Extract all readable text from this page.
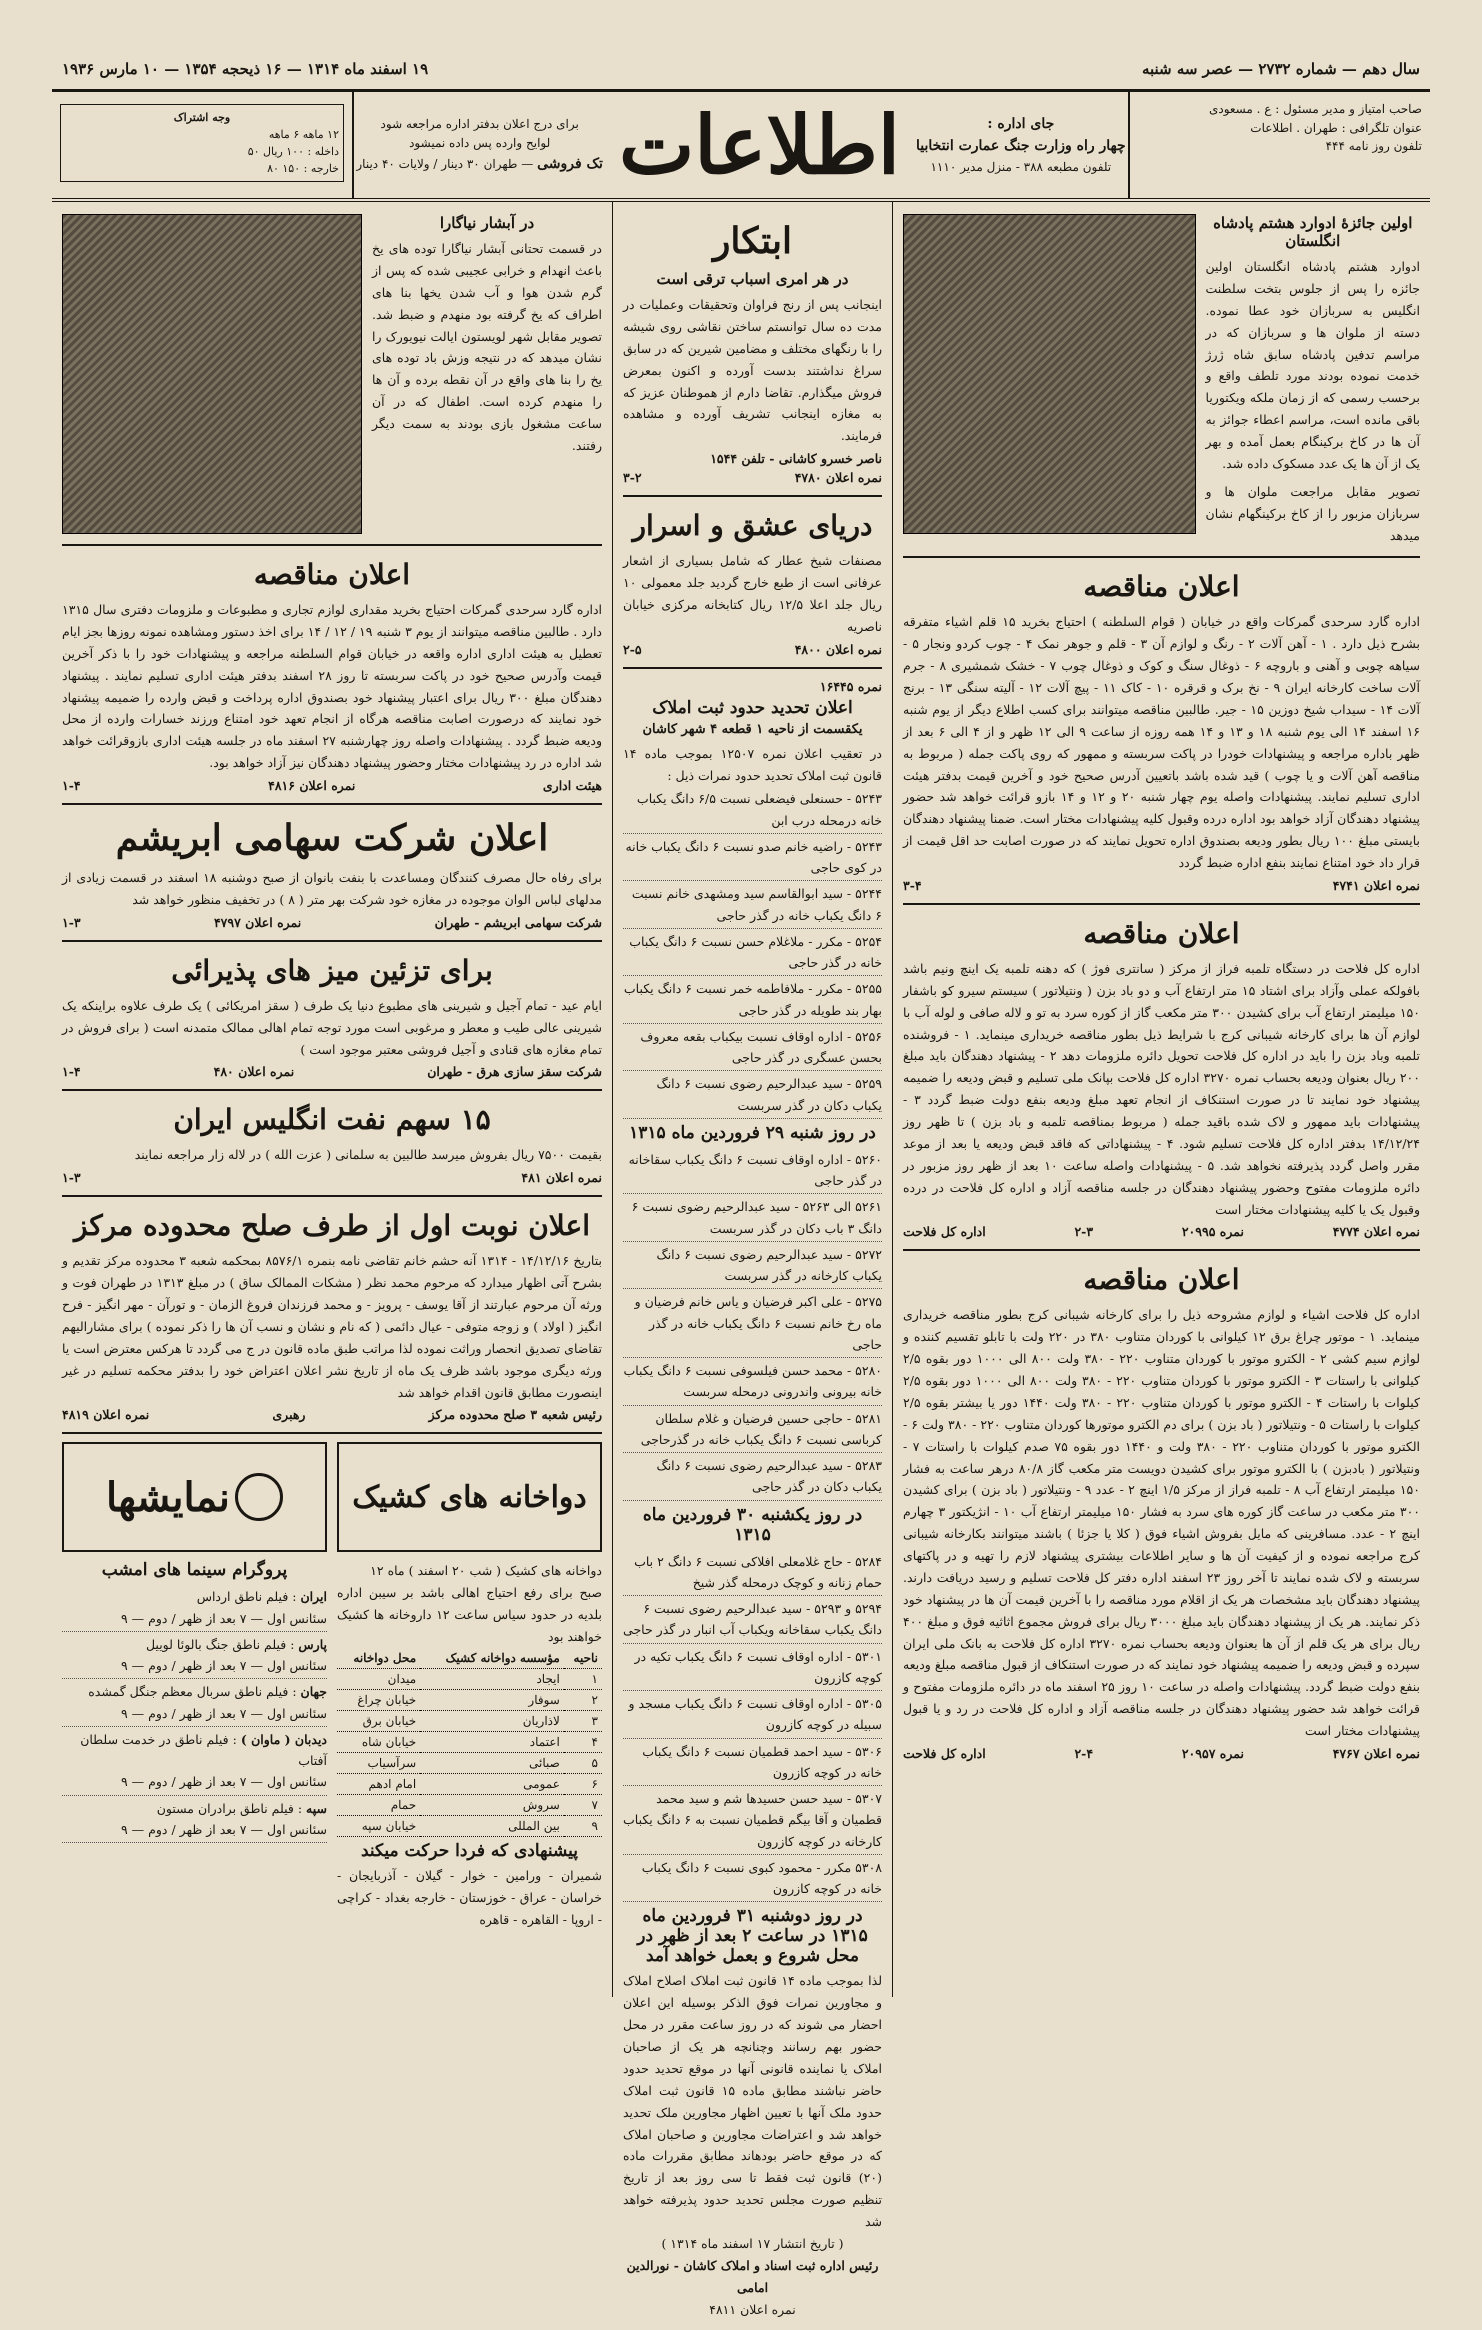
سال دهم — شماره ۲۷۳۲ — عصر سه شنبه
۱۹ اسفند ماه ۱۳۱۴ — ۱۶ ذیحجه ۱۳۵۴ — ۱۰ مارس ۱۹۳۶
صاحب امتیاز و مدیر مسئول : ع . مسعودی
عنوان تلگرافی : طهران . اطلاعات
تلفون روز نامه ۴۴۴
جای اداره :
چهار راه وزارت جنگ عمارت انتخابیا
تلفون مطبعه ۳۸۸ - منزل مدیر ۱۱۱۰
اطلاعات
برای درج اعلان بدفتر اداره مراجعه شود
لوایح وارده پس داده نمیشود
تک فروشی — طهران ۳۰ دینار / ولایات ۴۰ دینار
وجه اشتراک
۱۲ ماهه ۶ ماهه
داخله : ۱۰۰ ریال ۵۰
خارجه : ۱۵۰ ۸۰
اولین جائزهٔ ادوارد هشتم پادشاه انگلستان
ادوارد هشتم پادشاه انگلستان اولین جائزه را پس از جلوس بتخت سلطنت انگلیس به سربازان خود عطا نموده. دسته از ملوان ها و سربازان که در مراسم تدفین پادشاه سابق شاه ژرژ خدمت نموده بودند مورد تلطف واقع و برحسب رسمی که از زمان ملکه ویکتوریا باقی مانده است، مراسم اعطاء جوائز به آن ها در کاخ برکینگام بعمل آمده و بهر یک از آن ها یک عدد مسکوک داده شد.
تصویر مقابل مراجعت ملوان ها و سربازان مزبور را از کاخ برکینگهام نشان میدهد
اعلان مناقصه
اداره گارد سرحدی گمرکات واقع در خیابان ( قوام السلطنه ) احتیاج بخرید ۱۵ قلم اشیاء متفرقه بشرح ذیل دارد . ۱ - آهن آلات ۲ - رنگ و لوازم آن ۳ - قلم و جوهر نمک ۴ - چوب کردو ونجار ۵ - سیاهه چوبی و آهنی و باروچه ۶ - ذوغال سنگ و کوک و ذوغال چوب ۷ - خشک شمشیری ۸ - جرم آلات ساخت کارخانه ایران ۹ - نخ برک و قرقره ۱۰ - کاک ۱۱ - پیچ آلات ۱۲ - آلیته سنگی ۱۳ - برنج آلات ۱۴ - سیداب شیخ دوزین ۱۵ - جیر. طالبین مناقصه میتوانند برای کسب اطلاع دیگر از یوم شنبه ۱۶ اسفند ۱۴ الی یوم شنبه ۱۸ و ۱۳ و ۱۴ همه روزه از ساعت ۹ الی ۱۲ ظهر و از ۴ الی ۶ بعد از ظهر باداره مراجعه و پیشنهادات خودرا در پاکت سربسته و ممهور که روی پاکت جمله ( مربوط به مناقصه آهن آلات و یا چوب ) قید شده باشد باتعیین آدرس صحیح خود و آخرین قیمت بدفتر هیئت اداری تسلیم نمایند. پیشنهادات واصله یوم چهار شنبه ۲۰ و ۱۲ و ۱۴ بازو قرائت خواهد شد حضور پیشنهاد دهندگان آزاد خواهد بود اداره درده وقبول کلیه پیشنهادات مختار است. ضمنا پیشنهاد دهندگان بایستی مبلغ ۱۰۰ ریال بطور ودیعه بصندوق اداره تحویل نمایند که در صورت اصابت حد اقل قیمت از قرار داد خود امتناع نمایند بنفع اداره ضبط گردد
نمره اعلان ۴۷۴۱
۳-۴
اعلان مناقصه
اداره کل فلاحت در دستگاه تلمبه فراز از مرکز ( سانتری فوژ ) که دهنه تلمبه یک اینچ ونیم باشد بافولکه عملی وآزاد برای اشتاد ۱۵ متر ارتفاع آب و دو باد بزن ( ونتیلاتور ) سیستم سیرو کو باشفار ۱۵۰ میلیمتر ارتفاع آب برای کشیدن ۳۰۰ متر مکعب گاز از کوره سرد به تو و لاله صافی و لوله آب با لوازم آن ها برای کارخانه شیبانی کرج با شرایط ذیل بطور مناقصه خریداری مینماید. ۱ - فروشنده تلمبه وباد بزن را باید در اداره کل فلاحت تحویل دائره ملزومات دهد ۲ - پیشنهاد دهندگان باید مبلغ ۲۰۰ ریال بعنوان ودیعه بحساب نمره ۳۲۷۰ اداره کل فلاحت بپانک ملی تسلیم و قبض ودیعه را ضمیمه پیشنهاد خود نمایند تا در صورت استنکاف از انجام تعهد مبلغ ودیعه بنفع دولت ضبط گردد ۳ - پیشنهادات باید ممهور و لاک شده باقید جمله ( مربوط بمناقصه تلمبه و باد بزن ) تا ظهر روز ۱۴/۱۲/۲۴ بدفتر اداره کل فلاحت تسلیم شود. ۴ - پیشنهاداتی که فاقد قبض ودیعه یا بعد از موعد مقرر واصل گردد پذیرفته نخواهد شد. ۵ - پیشنهادات واصله ساعت ۱۰ بعد از ظهر روز مزبور در دائره ملزومات مفتوح وحضور پیشنهاد دهندگان در جلسه مناقصه آزاد و اداره کل فلاحت در درده وقبول یک یا کلیه پیشنهادات مختار است
نمره اعلان ۴۷۷۴
نمره ۲۰۹۹۵
۲-۳
اداره کل فلاحت
اعلان مناقصه
اداره کل فلاحت اشیاء و لوازم مشروحه ذیل را برای کارخانه شیبانی کرج بطور مناقصه خریداری مینماید. ۱ - موتور چراغ برق ۱۲ کیلوانی با کوردان متناوب ۳۸۰ در ۲۲۰ ولت با تابلو تقسیم کننده و لوازم سیم کشی ۲ - الکترو موتور با کوردان متناوب ۲۲۰ - ۳۸۰ ولت ۸۰۰ الی ۱۰۰۰ دور بقوه ۲/۵ کیلوانی با راستات ۳ - الکترو موتور با کوردان متناوب ۲۲۰ - ۳۸۰ ولت ۸۰۰ الی ۱۰۰۰ دور بقوه ۲/۵ کیلوات با راستات ۴ - الکترو موتور با کوردان متناوب ۲۲۰ - ۳۸۰ ولت ۱۴۴۰ دور یا بیشتر بقوه ۲/۵ کیلوات با راستات ۵ - ونتیلاتور ( باد بزن ) برای دم الکترو موتورها کوردان متناوب ۲۲۰ - ۳۸۰ ولت ۶ - الکترو موتور با کوردان متناوب ۲۲۰ - ۳۸۰ ولت و ۱۴۴۰ دور بقوه ۷۵ صدم کیلوات با راستات ۷ - ونتیلاتور ( بادبزن ) با الکترو موتور برای کشیدن دویست متر مکعب گاز ۸۰/۸ درهر ساعت به فشار ۱۵۰ میلیمتر ارتفاع آب ۸ - تلمبه فراز از مرکز ۱/۵ اینچ ۲ - عدد ۹ - ونتیلاتور ( باد بزن ) برای کشیدن ۳۰۰ متر مکعب در ساعت گاز کوره های سرد به فشار ۱۵۰ میلیمتر ارتفاع آب ۱۰ - انژیکتور ۳ چهارم اینچ ۲ - عدد. مسافرینی که مایل بفروش اشیاء فوق ( کلا یا جزئا ) باشند میتوانند بکارخانه شیبانی کرج مراجعه نموده و از کیفیت آن ها و سایر اطلاعات بیشتری پیشنهاد لازم را تهیه و در پاکتهای سربسته و لاک شده نمایند تا آخر روز ۲۳ اسفند اداره دفتر کل فلاحت تسلیم و رسید دریافت دارند. پیشنهاد دهندگان باید مشخصات هر یک از اقلام مورد مناقصه را با آخرین قیمت آن ها در پیشنهاد خود ذکر نمایند. هر یک از پیشنهاد دهندگان باید مبلغ ۳۰۰۰ ریال برای فروش مجموع اثاثیه فوق و مبلغ ۴۰۰ ریال برای هر یک قلم از آن ها بعنوان ودیعه بحساب نمره ۳۲۷۰ اداره کل فلاحت به بانک ملی ایران سپرده و قبض ودیعه را ضمیمه پیشنهاد خود نمایند که در صورت استنکاف از قبول مناقصه مبلغ ودیعه بنفع دولت ضبط گردد. پیشنهادات واصله در ساعت ۱۰ روز ۲۵ اسفند ماه در دائره ملزومات مفتوح و قرائت خواهد شد حضور پیشنهاد دهندگان در جلسه مناقصه آزاد و اداره کل فلاحت در رد و یا قبول پیشنهادات مختار است
نمره اعلان ۴۷۶۷
نمره ۲۰۹۵۷
۲-۴
اداره کل فلاحت
ابتکار
در هر امری اسباب ترقی است
اینجانب پس از رنج فراوان وتحقیقات وعملیات در مدت ده سال توانستم ساختن نقاشی روی شیشه را با رنگهای مختلف و مضامین شیرین که در سابق سراغ نداشتند بدست آورده و اکنون بمعرض فروش میگذارم. تقاضا دارم از هموطنان عزیز که به مغازه اینجانب تشریف آورده و مشاهده فرمایند.
ناصر خسرو کاشانی - تلفن ۱۵۴۴
نمره اعلان ۴۷۸۰
۳-۲
دریای عشق و اسرار
مصنفات شیخ عطار که شامل بسیاری از اشعار عرفانی است از طبع خارج گردید جلد معمولی ۱۰ ریال جلد اعلا ۱۲/۵ ریال کتابخانه مرکزی خیابان ناصریه
نمره اعلان ۴۸۰۰
۲-۵
نمره ۱۶۴۴۵
اعلان تحدید حدود ثبت املاک
یکقسمت از ناحیه ۱ قطعه ۴ شهر کاشان
در تعقیب اعلان نمره ۱۲۵۰۷ بموجب ماده ۱۴ قانون ثبت املاک تحدید حدود نمرات ذیل :
۵۲۴۳ - حسنعلی فیضعلی نسبت ۶/۵ دانگ یکباب خانه درمحله درب ابن
۵۲۴۳ - راضیه خانم صدو نسبت ۶ دانگ یکباب خانه در کوی حاجی
۵۲۴۴ - سید ابوالقاسم سید ومشهدی خانم نسبت ۶ دانگ یکباب خانه در گذر حاجی
۵۲۵۴ - مکرر - ملاغلام حسن نسبت ۶ دانگ یکباب خانه در گذر حاجی
۵۲۵۵ - مکرر - ملافاطمه خمر نسبت ۶ دانگ یکباب بهار بند طویله در گذر حاجی
۵۲۵۶ - اداره اوقاف نسبت بیکباب بقعه معروف بحسن عسگری در گذر حاجی
۵۲۵۹ - سید عبدالرحیم رضوی نسبت ۶ دانگ یکباب دکان در گذر سربست
در روز شنبه ۲۹ فروردین ماه ۱۳۱۵
۵۲۶۰ - اداره اوقاف نسبت ۶ دانگ یکباب سقاخانه در گذر حاجی
۵۲۶۱ الی ۵۲۶۳ - سید عبدالرحیم رضوی نسبت ۶ دانگ ۳ باب دکان در گذر سربست
۵۲۷۲ - سید عبدالرحیم رضوی نسبت ۶ دانگ یکباب کارخانه در گذر سربست
۵۲۷۵ - علی اکبر فرضیان و یاس خانم فرضیان و ماه رخ خانم نسبت ۶ دانگ یکباب خانه در گذر حاجی
۵۲۸۰ - محمد حسن فیلسوفی نسبت ۶ دانگ یکباب خانه بیرونی واندرونی درمحله سربست
۵۲۸۱ - حاجی حسین فرضیان و غلام سلطان کرباسی نسبت ۶ دانگ یکباب خانه در گذرحاجی
۵۲۸۳ - سید عبدالرحیم رضوی نسبت ۶ دانگ یکباب دکان در گذر حاجی
در روز یکشنبه ۳۰ فروردین ماه ۱۳۱۵
۵۲۸۴ - حاج غلامعلی افلاکی نسبت ۶ دانگ ۲ باب حمام زنانه و کوچک درمحله گذر شیخ
۵۲۹۴ و ۵۲۹۳ - سید عبدالرحیم رضوی نسبت ۶ دانگ یکباب سقاخانه ویکباب آب انبار در گذر حاجی
۵۳۰۱ - اداره اوقاف نسبت ۶ دانگ یکباب تکیه در کوچه کازرون
۵۳۰۵ - اداره اوقاف نسبت ۶ دانگ یکباب مسجد و سبیله در کوچه کازرون
۵۳۰۶ - سید احمد قطمیان نسبت ۶ دانگ یکباب خانه در کوچه کازرون
۵۳۰۷ - سید حسن حسیدها شم و سید محمد قطمیان و آقا بیگم قطمیان نسبت به ۶ دانگ یکباب کارخانه در کوچه کازرون
۵۳۰۸ مکرر - محمود کبوی نسبت ۶ دانگ یکباب خانه در کوچه کازرون
در روز دوشنبه ۳۱ فروردین ماه ۱۳۱۵ در ساعت ۲ بعد از ظهر در محل شروع و بعمل خواهد آمد
لذا بموجب ماده ۱۴ قانون ثبت املاک اصلاح املاک و مجاورین نمرات فوق الذکر بوسیله این اعلان احضار می شوند که در روز ساعت مقرر در محل حضور بهم رسانند وچنانچه هر یک از صاحبان املاک یا نماینده قانونی آنها در موقع تحدید حدود حاضر نباشند مطابق ماده ۱۵ قانون ثبت املاک حدود ملک آنها با تعیین اظهار مجاورین ملک تحدید خواهد شد و اعتراضات مجاورین و صاحبان املاک که در موقع حاضر بودهاند مطابق مقررات ماده (۲۰) قانون ثبت فقط تا سی روز بعد از تاریخ تنظیم صورت مجلس تحدید حدود پذیرفته خواهد شد
( تاریخ انتشار ۱۷ اسفند ماه ۱۳۱۴ )
رئیس اداره ثبت اسناد و املاک کاشان - نورالدین امامی
نمره اعلان ۴۸۱۱
در آبشار نیاگارا
در قسمت تحتانی آبشار نیاگارا توده های یخ باعث انهدام و خرابی عجیبی شده که پس از گرم شدن هوا و آب شدن یخها بنا های اطراف که یخ گرفته بود منهدم و ضبط شد. تصویر مقابل شهر لویستون ایالت نیویورک را نشان میدهد که در نتیجه وزش باد توده های یخ را بنا های واقع در آن نقطه برده و آن ها را منهدم کرده است. اطفال که در آن ساعت مشغول بازی بودند به سمت دیگر رفتند.
اعلان مناقصه
اداره گارد سرحدی گمرکات احتیاج بخرید مقداری لوازم تجاری و مطبوعات و ملزومات دفتری سال ۱۳۱۵ دارد . طالبین مناقصه میتوانند از یوم ۳ شنبه ۱۹ / ۱۲ / ۱۴ برای اخذ دستور ومشاهده نمونه روزها بجز ایام تعطیل به هیئت اداری اداره واقعه در خیابان قوام السلطنه مراجعه و پیشنهادات خود را با ذکر آخرین قیمت وآدرس صحیح خود در پاکت سربسته تا روز ۲۸ اسفند بدفتر هیئت اداری تسلیم نمایند . پیشنهاد دهندگان مبلغ ۳۰۰ ریال برای اعتبار پیشنهاد خود بصندوق اداره پرداخت و قبض وارده را ضمیمه پیشنهاد خود نمایند که درصورت اصابت مناقصه هرگاه از انجام تعهد خود امتناع ورزند خسارات وارده از محل ودیعه ضبط گردد . پیشنهادات واصله روز چهارشنبه ۲۷ اسفند ماه در جلسه هیئت اداری بازوقرائت خواهد شد اداره در رد پیشنهادات مختار وحضور پیشنهاد دهندگان نیز آزاد خواهد بود.
هیئت اداری
نمره اعلان ۴۸۱۶
۱-۴
اعلان شرکت سهامی ابریشم
برای رفاه حال مصرف کنندگان ومساعدت با بنفت بانوان از صبح دوشنبه ۱۸ اسفند در قسمت زیادی از مدلهای لباس الوان موجوده در مغازه خود شرکت بهر متر ( ۸ ) در تخفیف منظور خواهد شد
شرکت سهامی ابریشم - طهران
نمره اعلان ۴۷۹۷
۱-۳
برای تزئین میز های پذیرائی
ایام عید - تمام آجیل و شیرینی های مطبوع دنیا یک طرف ( سقز امریکائی ) یک طرف علاوه براینکه یک شیرینی عالی طیب و معطر و مرغوبی است مورد توجه تمام اهالی ممالک متمدنه است ( برای فروش در تمام مغازه های قنادی و آجیل فروشی معتبر موجود است )
شرکت سقز سازی هرق - طهران
نمره اعلان ۴۸۰
۱-۴
۱۵ سهم نفت انگلیس ایران
بقیمت ۷۵۰۰ ریال بفروش میرسد طالبین به سلمانی ( عزت الله ) در لاله زار مراجعه نمایند
نمره اعلان ۴۸۱
۱-۳
اعلان نوبت اول از طرف صلح محدوده مرکز
بتاریخ ۱۴/۱۲/۱۶ - ۱۳۱۴ آنه حشم خانم تقاضی نامه بنمره ۸۵۷۶/۱ بمحکمه شعبه ۳ محدوده مرکز تقدیم و بشرح آتی اظهار میدارد که مرحوم محمد نظر ( مشکات الممالک ساق ) در مبلغ ۱۳۱۳ در طهران فوت و ورثه آن مرحوم عبارتند از آقا یوسف - پرویز - و محمد فرزندان فروغ الزمان - و تورآن - مهر انگیز - فرح انگیز ( اولاد ) و زوجه متوفی - عیال دائمی ( که نام و نشان و نسب آن ها را ذکر نموده ) برای مشارالیهم تقاضای تصدیق انحصار وراثت نموده لذا مراتب طبق ماده قانون در ج می گردد تا هرکس معترض است یا ورثه دیگری موجود باشد ظرف یک ماه از تاریخ نشر اعلان اعتراض خود را بدفتر محکمه تسلیم در غیر اینصورت مطابق قانون اقدام خواهد شد
رئیس شعبه ۳ صلح محدوده مرکز
رهبری
نمره اعلان ۴۸۱۹
دواخانه های کشیک
دواخانه های کشیک ( شب ۲۰ اسفند ) ماه ۱۲
صبح برای رفع احتیاج اهالی باشد بر سیبن اداره بلدیه در حدود سیاس ساعت ۱۲ داروخانه ها کشیک خواهند بود
ناحیه	مؤسسه دواخانه کشیک	محل دواخانه
۱	ایجاد	میدان
۲	سوفار	خیابان چراغ
۳	لاذاریان	خیابان برق
۴	اعتماد	خیابان شاه
۵	صبائی	سرآسیاب
۶	عمومی	امام ادهم
۷	سروش	حمام
۹	بین المللی	خیابان سپه
پیشنهادی که فردا حرکت میکند
شمیران - ورامین - خوار - گیلان - آذربایجان - خراسان - عراق - خوزستان - خارجه بغداد - کراچی - اروپا - القاهره - قاهره

نمایشها
پروگرام سینما های امشب
ایران : فیلم ناطق ارداس
سئانس اول — ۷ بعد از ظهر / دوم — ۹
پارس : فیلم ناطق جنگ بالوئا لوییل
سئانس اول — ۷ بعد از ظهر / دوم — ۹
جهان : فیلم ناطق سربال معظم جنگل گمشده
سئانس اول — ۷ بعد از ظهر / دوم — ۹
دیدبان ( ماوان ) : فیلم ناطق در خدمت سلطان آفتاب
سئانس اول — ۷ بعد از ظهر / دوم — ۹
سپه : فیلم ناطق برادران مستون
سئانس اول — ۷ بعد از ظهر / دوم — ۹
